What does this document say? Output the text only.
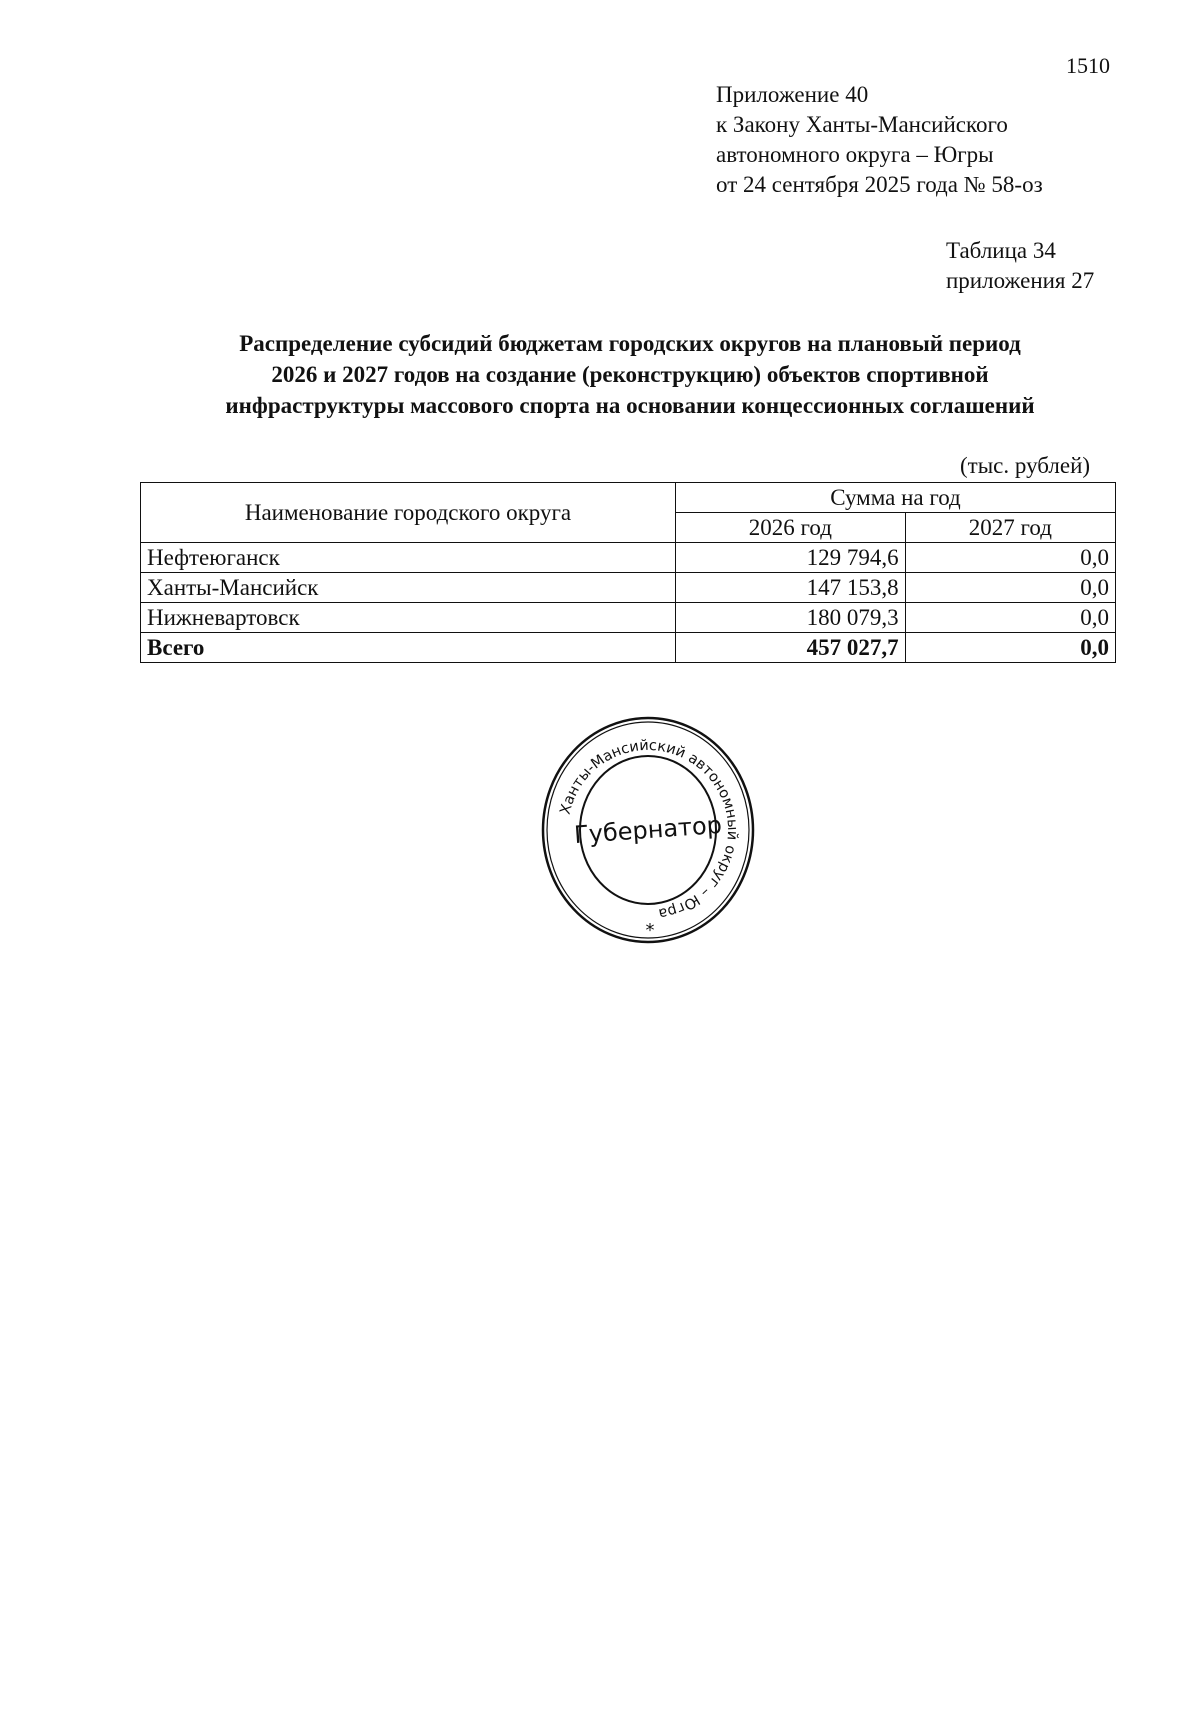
1510
Приложение 40
к Закону Ханты-Мансийского
автономного округа – Югры
от 24 сентября 2025 года № 58-оз
Таблица 34
приложения 27
Распределение субсидий бюджетам городских округов на плановый период
2026 и 2027 годов на создание (реконструкцию) объектов спортивной
инфраструктуры массового спорта на основании концессионных соглашений
(тыс. рублей)
Наименование городского округа	Сумма на год	
	2026 год	2027 год
Нефтеюганск	129 794,6	0,0
Ханты-Мансийск	147 153,8	0,0
Нижневартовск	180 079,3	0,0
Всего	457 027,7	0,0
Ханты-Мансийский автономный округ – Югра
Губернатор
*
